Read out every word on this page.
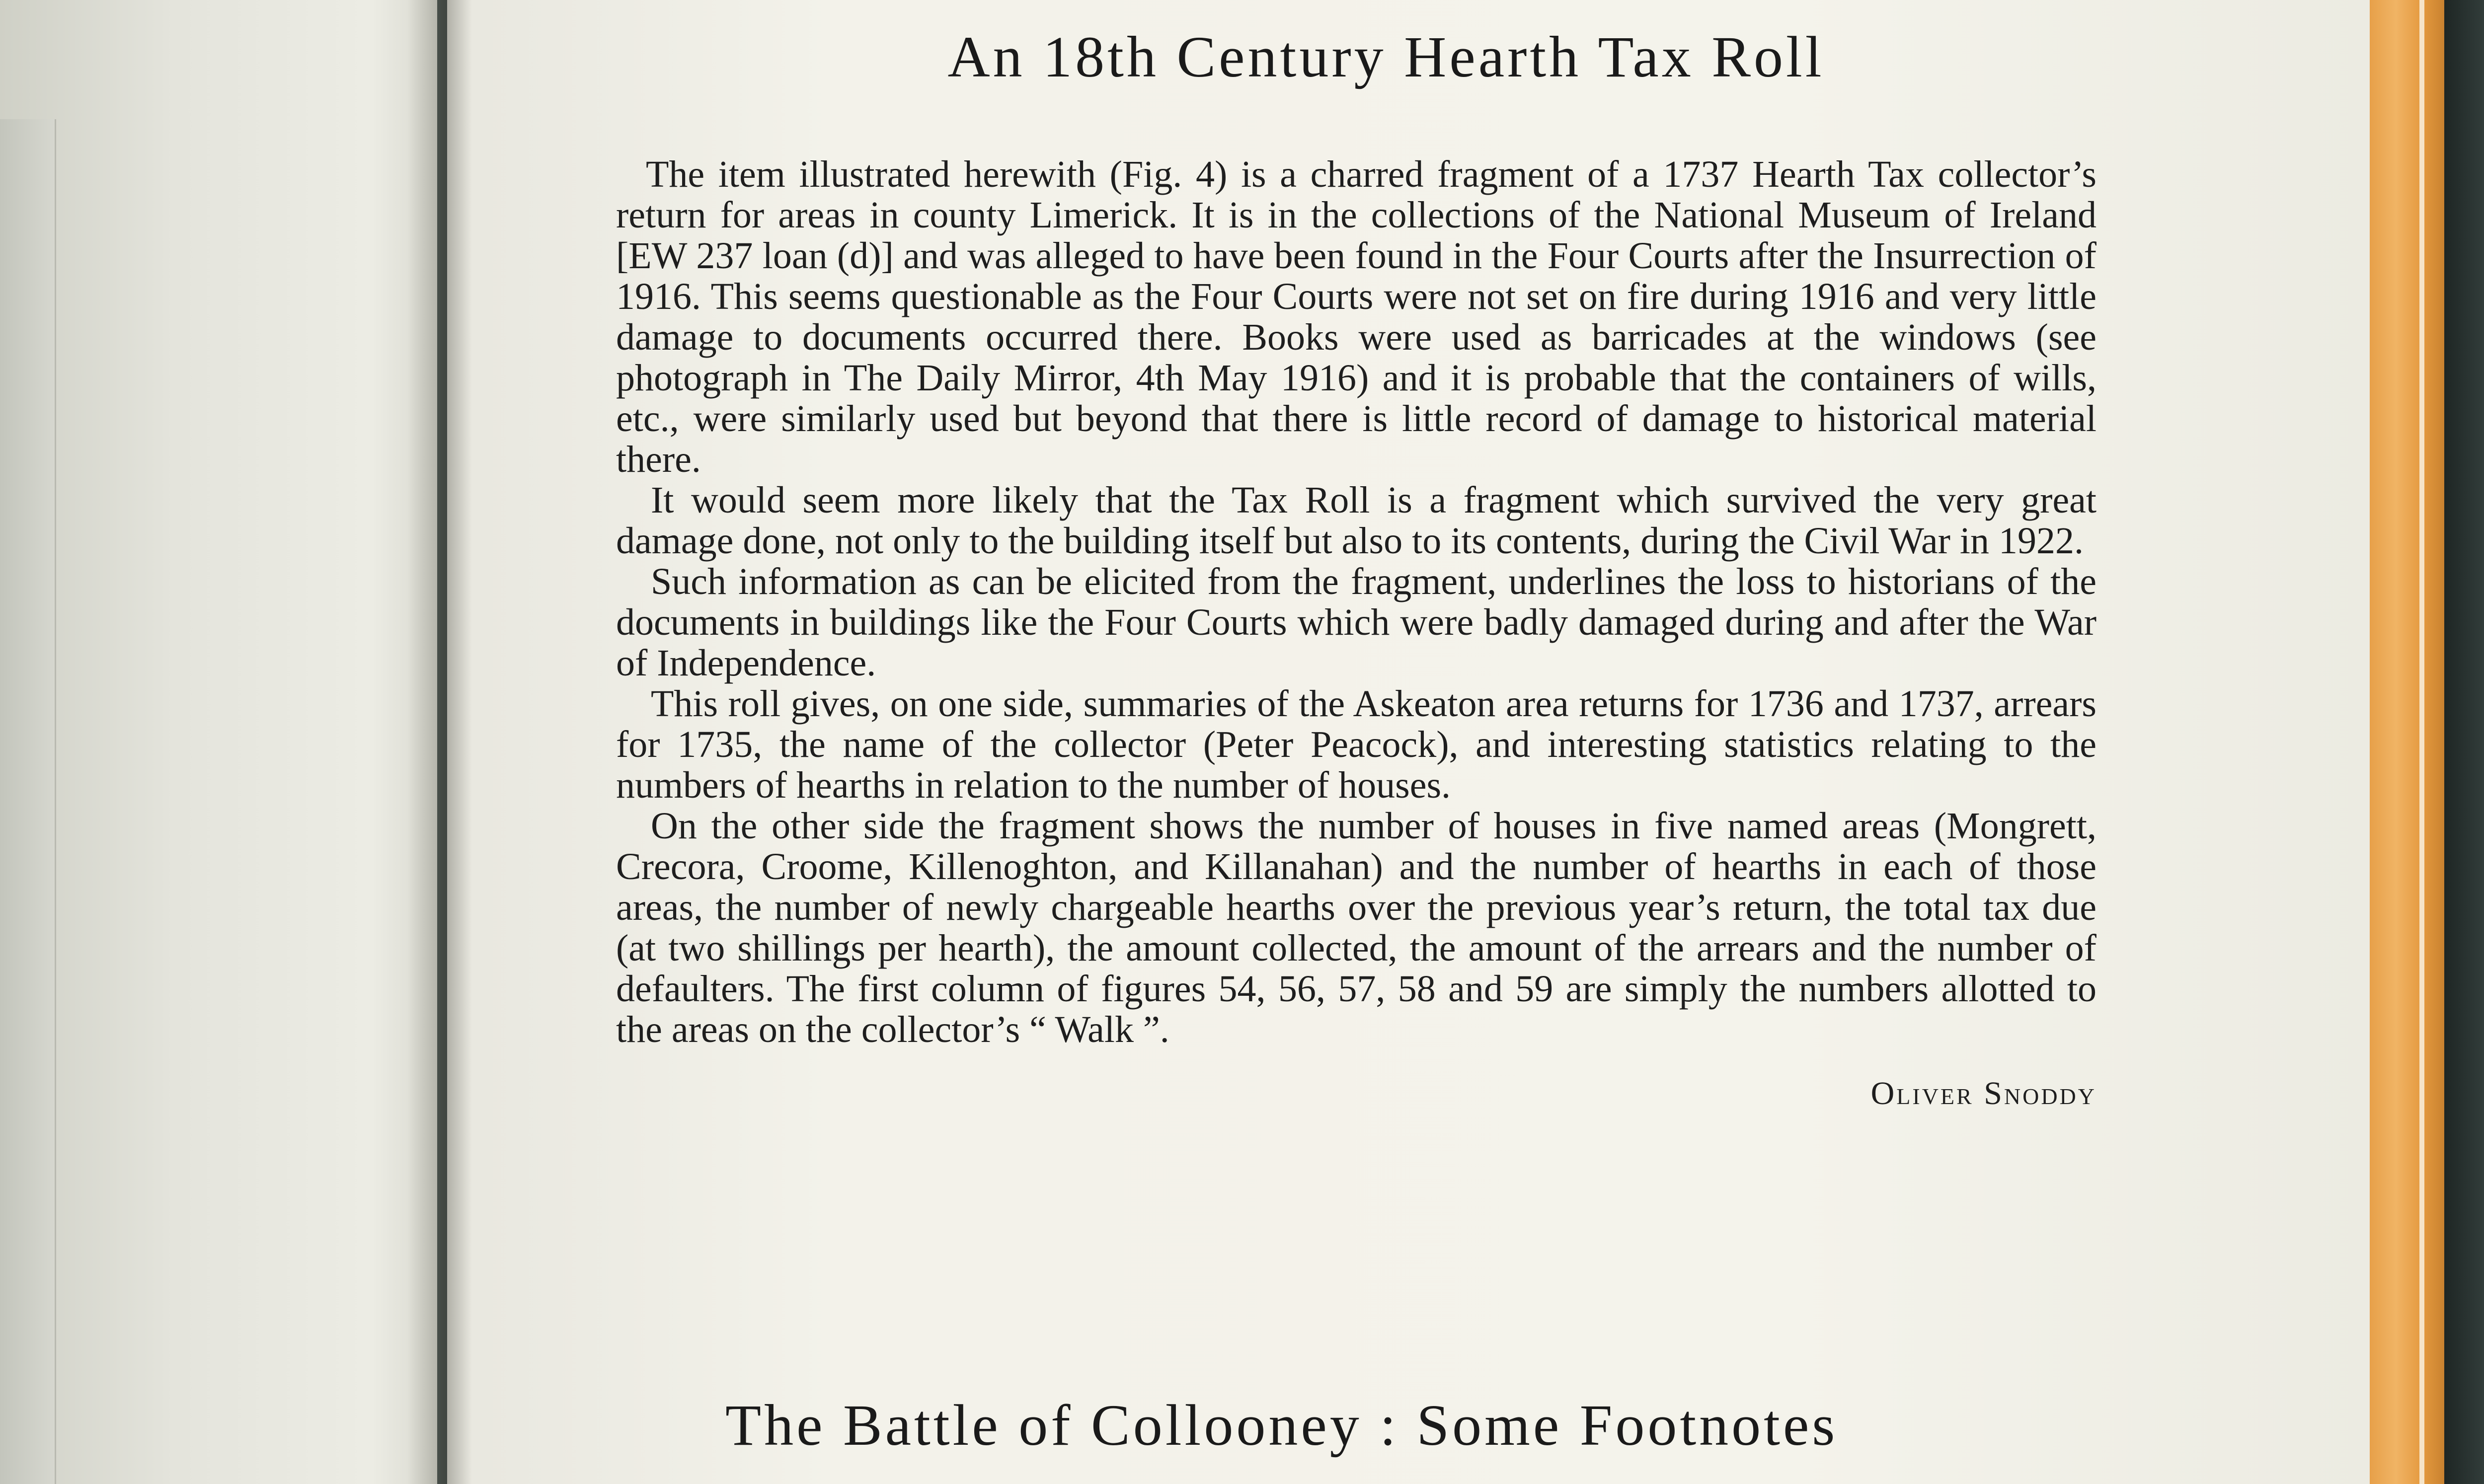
An 18th Century Hearth Tax Roll

The item illustrated herewith (Fig. 4) is a charred fragment of a 1737 Hearth Tax collector’s return for areas in county Limerick. It is in the collections of the National Museum of Ireland [EW 237 loan (d)] and was alleged to have been found in the Four Courts after the Insurrection of 1916. This seems questionable as the Four Courts were not set on fire during 1916 and very little damage to documents occurred there. Books were used as barricades at the windows (see photograph in The Daily Mirror, 4th May 1916) and it is probable that the containers of wills, etc., were similarly used but beyond that there is little record of damage to historical material there.

It would seem more likely that the Tax Roll is a fragment which survived the very great damage done, not only to the building itself but also to its contents, during the Civil War in 1922.

Such information as can be elicited from the fragment, underlines the loss to historians of the documents in buildings like the Four Courts which were badly damaged during and after the War of Independence.

This roll gives, on one side, summaries of the Askeaton area returns for 1736 and 1737, arrears for 1735, the name of the collector (Peter Peacock), and interesting statistics relating to the numbers of hearths in relation to the number of houses.

On the other side the fragment shows the number of houses in five named areas (Mongrett, Crecora, Croome, Killenoghton, and Killanahan) and the number of hearths in each of those areas, the number of newly chargeable hearths over the previous year’s return, the total tax due (at two shillings per hearth), the amount collected, the amount of the arrears and the number of defaulters. The first column of figures 54, 56, 57, 58 and 59 are simply the numbers allotted to the areas on the collector’s “ Walk ”.

Oliver Snoddy
The Battle of Collooney : Some Footnotes
